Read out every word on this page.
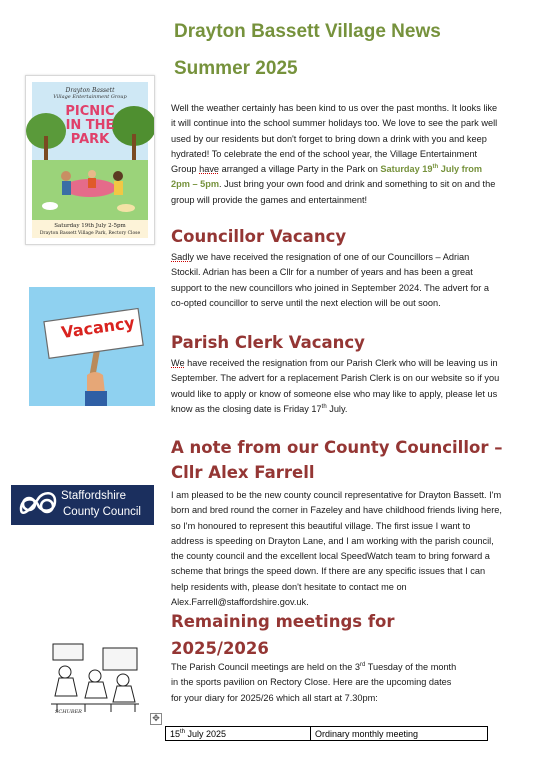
Drayton Bassett Village News
Summer 2025
Drayton Bassett
Village Entertainment Group
PICNIC
IN THE
PARK
Saturday 19th July 2-5pm
Drayton Bassett Village Park, Rectory Close
Well the weather certainly has been kind to us over the past months. It looks like it will continue into the school summer holidays too. We love to see the park well used by our residents but don't forget to bring down a drink with you and keep hydrated! To celebrate the end of the school year, the Village Entertainment Group have arranged a village Party in the Park on Saturday 19th July from 2pm – 5pm. Just bring your own food and drink and something to sit on and the group will provide the games and entertainment!
Councillor Vacancy
Sadly we have received the resignation of one of our Councillors – Adrian Stockil. Adrian has been a Cllr for a number of years and has been a great support to the new councillors who joined in September 2024. The advert for a co-opted councillor to serve until the next election will be out soon.
Vacancy
Parish Clerk Vacancy
We have received the resignation from our Parish Clerk who will be leaving us in September. The advert for a replacement Parish Clerk is on our website so if you would like to apply or know of someone else who may like to apply, please let us know as the closing date is Friday 17th July.
A note from our County Councillor –
Cllr Alex Farrell
I am pleased to be the new county council representative for Drayton Bassett. I'm born and bred round the corner in Fazeley and have childhood friends living here, so I'm honoured to represent this beautiful village. The first issue I want to address is speeding on Drayton Lane, and I am working with the parish council, the county council and the excellent local SpeedWatch team to bring forward a scheme that brings the speed down. If there are any specific issues that I can help residents with, please don't hesitate to contact me on Alex.Farrell@staffordshire.gov.uk.
Staffordshire
County Council
Remaining meetings for
2025/2026
The Parish Council meetings are held on the 3rd Tuesday of the month in the sports pavilion on Rectory Close. Here are the upcoming dates for your diary for 2025/26 which all start at 7.30pm:
SCHUBER
✥
15th July 2025	Ordinary monthly meeting
